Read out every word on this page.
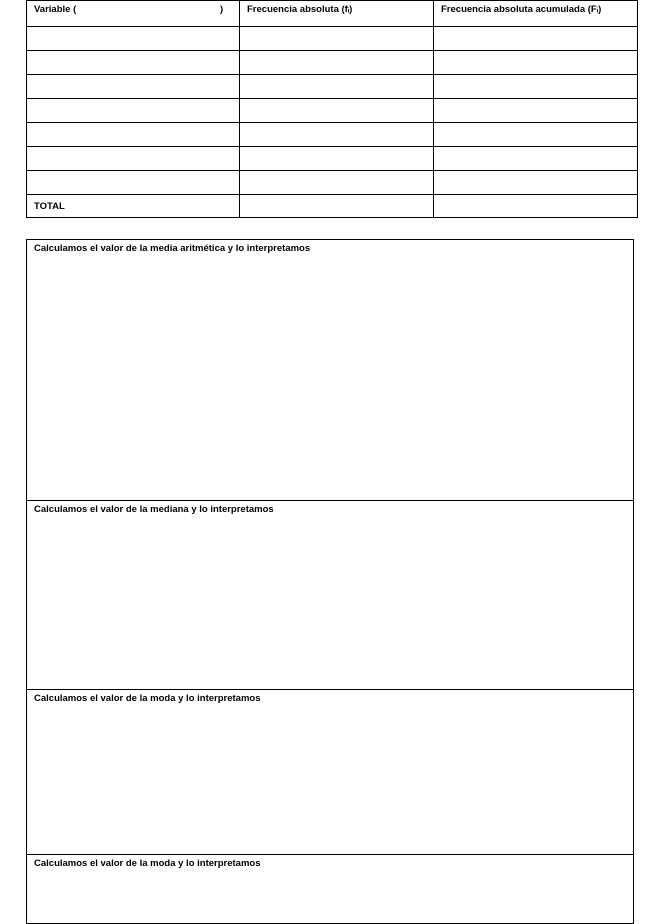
Variable ( )	Frecuencia absoluta (fᵢ)	Frecuencia absoluta acumulada (Fᵢ)

TOTAL		
Calculamos el valor de la media aritmética y lo interpretamos
Calculamos el valor de la mediana y lo interpretamos
Calculamos el valor de la moda y lo interpretamos
Calculamos el valor de la moda y lo interpretamos
